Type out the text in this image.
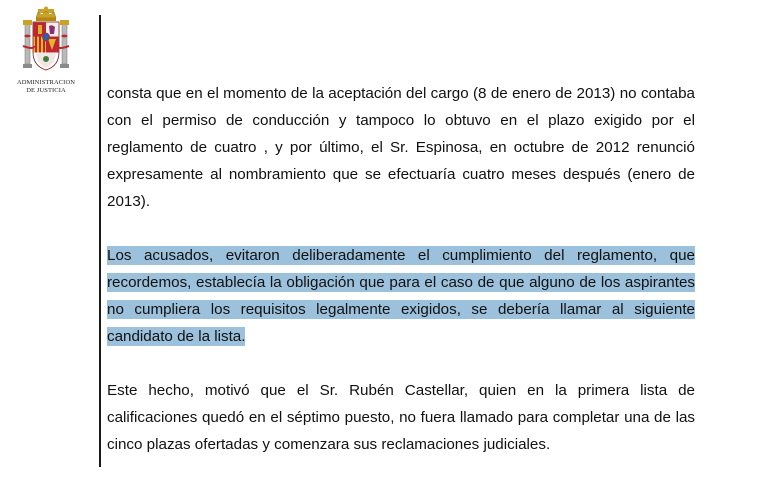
ADMINISTRACION
DE JUSTICIA	consta que en el momento de la aceptación del cargo (8 de enero de 2013) no contaba con el permiso de conducción y tampoco lo obtuvo en el plazo exigido por el reglamento de cuatro , y por último, el Sr. Espinosa, en octubre de 2012 renunció expresamente al nombramiento que se efectuaría cuatro meses después (enero de 2013).

Los acusados, evitaron deliberadamente el cumplimiento del reglamento, que recordemos, establecía la obligación que para el caso de que alguno de los aspirantes no cumpliera los requisitos legalmente exigidos, se debería llamar al siguiente candidato de la lista.

Este hecho, motivó que el Sr. Rubén Castellar, quien en la primera lista de calificaciones quedó en el séptimo puesto, no fuera llamado para completar una de las cinco plazas ofertadas y comenzara sus reclamaciones judiciales.
